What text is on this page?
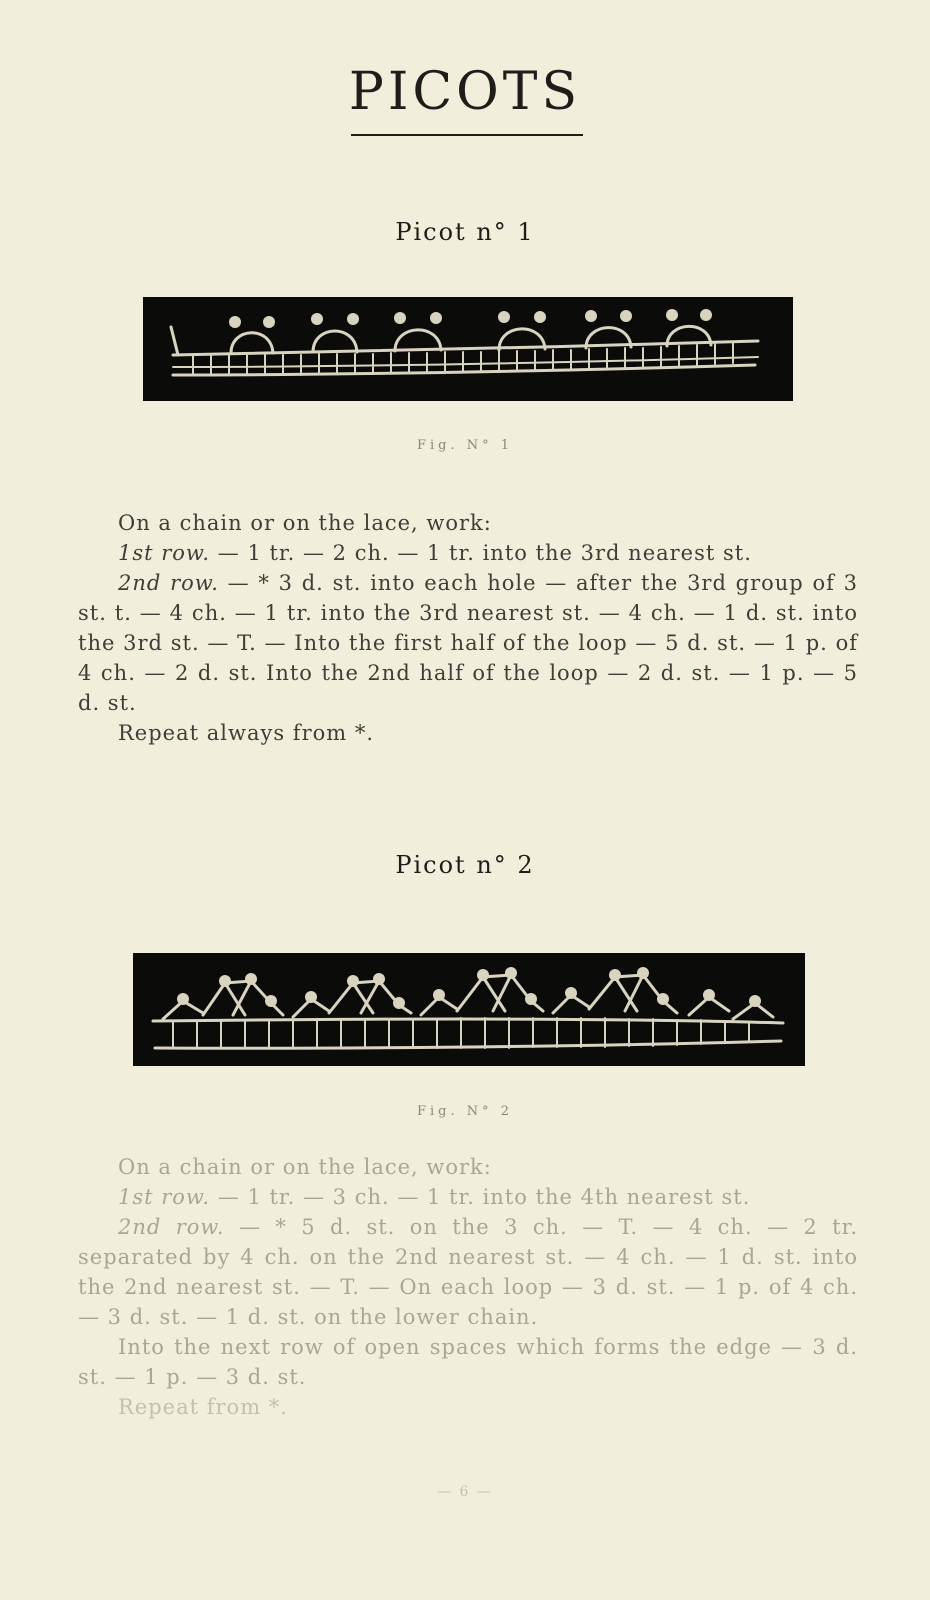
PICOTS
Picot n° 1
Fig. N° 1

On a chain or on the lace, work:

1st row. — 1 tr. — 2 ch. — 1 tr. into the 3rd nearest st.

2nd row. — * 3 d. st. into each hole — after the 3rd group of 3 st. t. — 4 ch. — 1 tr. into the 3rd nearest st. — 4 ch. — 1 d. st. into the 3rd st. — T. — Into the first half of the loop — 5 d. st. — 1 p. of 4 ch. — 2 d. st. Into the 2nd half of the loop — 2 d. st. — 1 p. — 5 d. st.

Repeat always from *.

Picot n° 2
Fig. N° 2

On a chain or on the lace, work:

1st row. — 1 tr. — 3 ch. — 1 tr. into the 4th nearest st.

2nd row. — * 5 d. st. on the 3 ch. — T. — 4 ch. — 2 tr. separated by 4 ch. on the 2nd nearest st. — 4 ch. — 1 d. st. into the 2nd nearest st. — T. — On each loop — 3 d. st. — 1 p. of 4 ch. — 3 d. st. — 1 d. st. on the lower chain.

Into the next row of open spaces which forms the edge — 3 d. st. — 1 p. — 3 d. st.

Repeat from *.

— 6 —
